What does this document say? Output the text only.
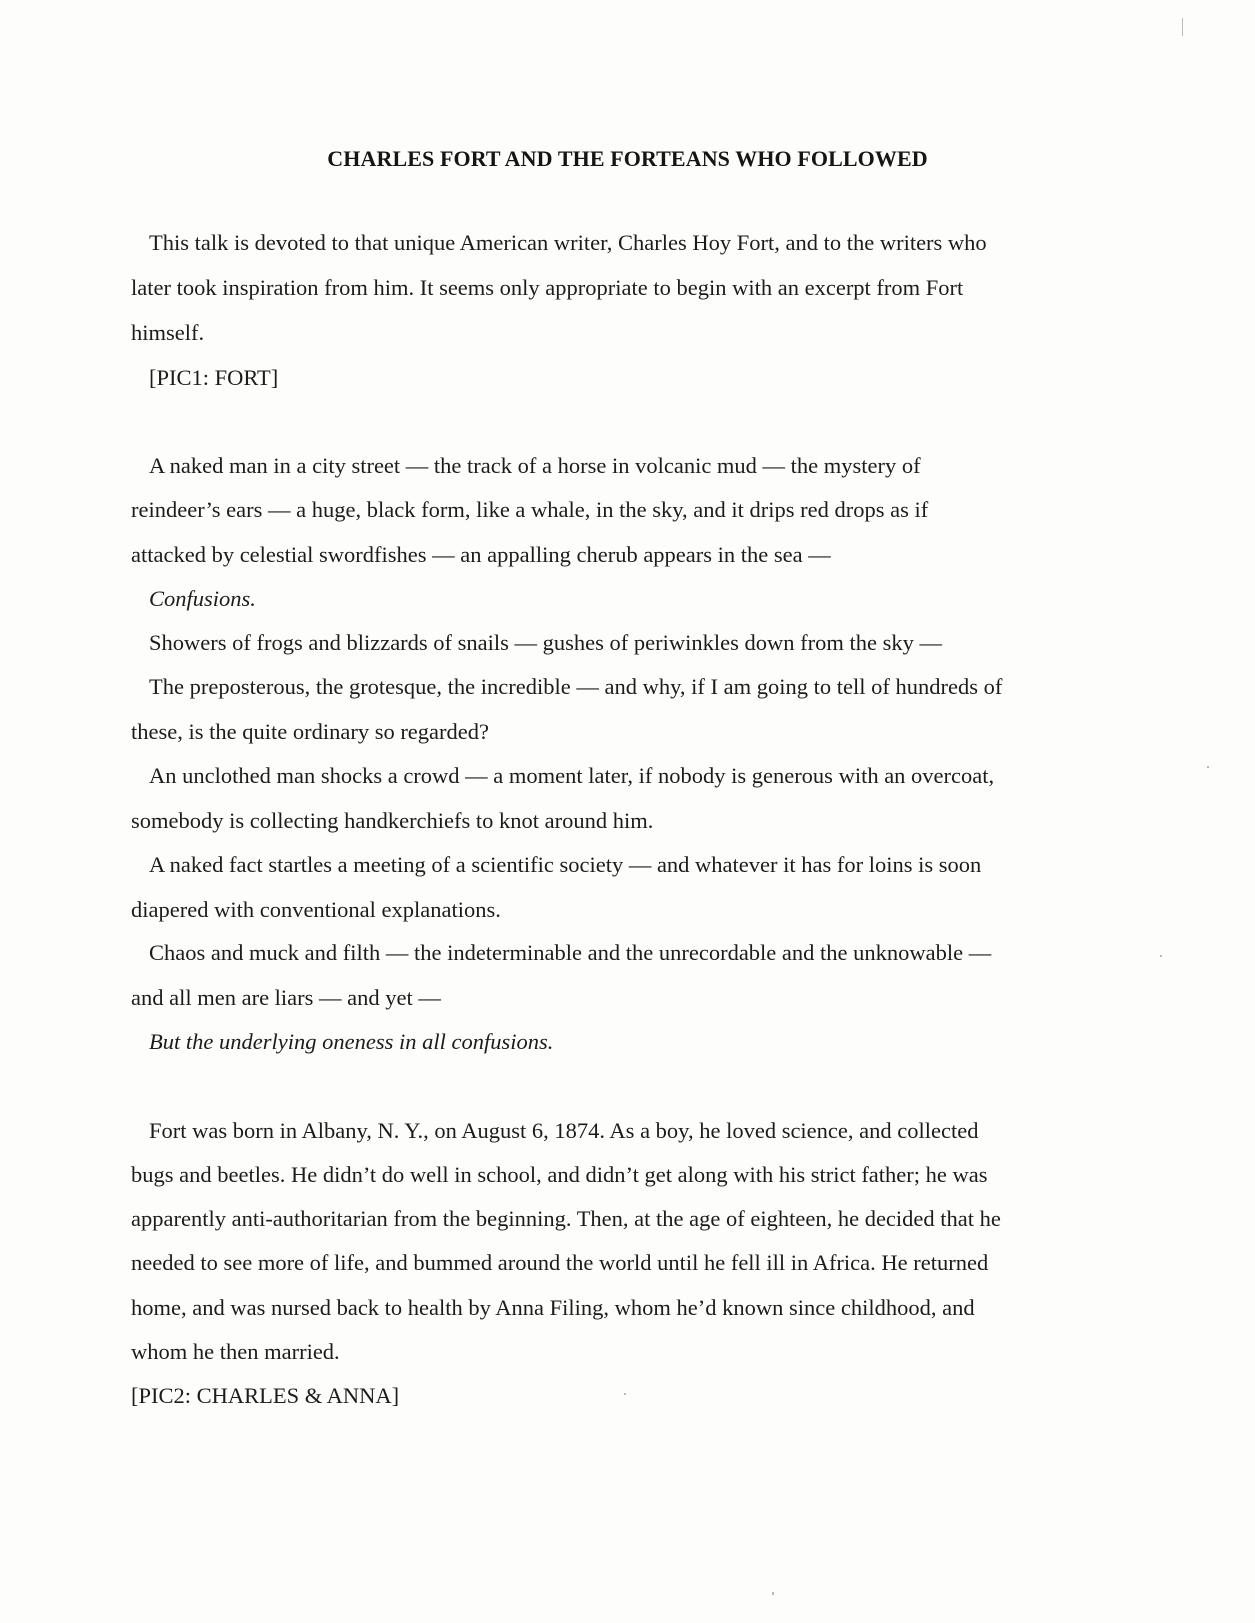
CHARLES FORT AND THE FORTEANS WHO FOLLOWED
This talk is devoted to that unique American writer, Charles Hoy Fort, and to the writers who
later took inspiration from him. It seems only appropriate to begin with an excerpt from Fort
himself.
[PIC1: FORT]
A naked man in a city street — the track of a horse in volcanic mud — the mystery of
reindeer’s ears — a huge, black form, like a whale, in the sky, and it drips red drops as if
attacked by celestial swordfishes — an appalling cherub appears in the sea —
Confusions.
Showers of frogs and blizzards of snails — gushes of periwinkles down from the sky —
The preposterous, the grotesque, the incredible — and why, if I am going to tell of hundreds of
these, is the quite ordinary so regarded?
An unclothed man shocks a crowd — a moment later, if nobody is generous with an overcoat,
somebody is collecting handkerchiefs to knot around him.
A naked fact startles a meeting of a scientific society — and whatever it has for loins is soon
diapered with conventional explanations.
Chaos and muck and filth — the indeterminable and the unrecordable and the unknowable —
and all men are liars — and yet —
But the underlying oneness in all confusions.
Fort was born in Albany, N. Y., on August 6, 1874. As a boy, he loved science, and collected
bugs and beetles. He didn’t do well in school, and didn’t get along with his strict father; he was
apparently anti-authoritarian from the beginning. Then, at the age of eighteen, he decided that he
needed to see more of life, and bummed around the world until he fell ill in Africa. He returned
home, and was nursed back to health by Anna Filing, whom he’d known since childhood, and
whom he then married.
[PIC2: CHARLES & ANNA]
